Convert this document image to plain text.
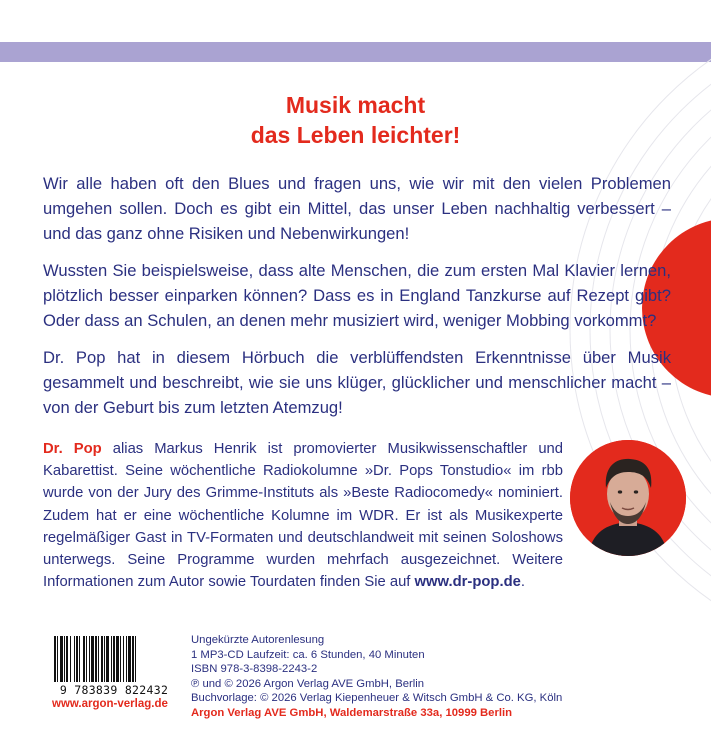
Musik macht
das Leben leichter!

Wir alle haben oft den Blues und fragen uns, wie wir mit den vielen Problemen umgehen sollen. Doch es gibt ein Mittel, das unser Leben nachhaltig verbessert – und das ganz ohne Risiken und Nebenwirkungen!

Wussten Sie beispielsweise, dass alte Menschen, die zum ersten Mal Klavier lernen, plötzlich besser einparken können? Dass es in England Tanzkurse auf Rezept gibt? Oder dass an Schulen, an denen mehr musiziert wird, weniger Mobbing vorkommt?

Dr. Pop hat in diesem Hörbuch die verblüffendsten Erkenntnisse über Musik gesammelt und beschreibt, wie sie uns klüger, glücklicher und menschlicher macht – von der Geburt bis zum letzten Atemzug!

Dr. Pop alias Markus Henrik ist promovierter Musikwissenschaftler und Kabarettist. Seine wöchentliche Radiokolumne »Dr. Pops Tonstudio« im rbb wurde von der Jury des Grimme-Instituts als »Beste Radiocomedy« nominiert. Zudem hat er eine wöchentliche Kolumne im WDR. Er ist als Musikexperte regelmäßiger Gast in TV-Formaten und deutschlandweit mit seinen Soloshows unterwegs. Seine Programme wurden mehrfach ausgezeichnet. Weitere Informationen zum Autor sowie Tourdaten finden Sie auf www.dr-pop.de.

9 783839 822432
www.argon-verlag.de
Ungekürzte Autorenlesung
1 MP3-CD Laufzeit: ca. 6 Stunden, 40 Minuten
ISBN 978-3-8398-2243-2
℗ und © 2026 Argon Verlag AVE GmbH, Berlin
Buchvorlage: © 2026 Verlag Kiepenheuer & Witsch GmbH & Co. KG, Köln
Argon Verlag AVE GmbH, Waldemarstraße 33a, 10999 Berlin
